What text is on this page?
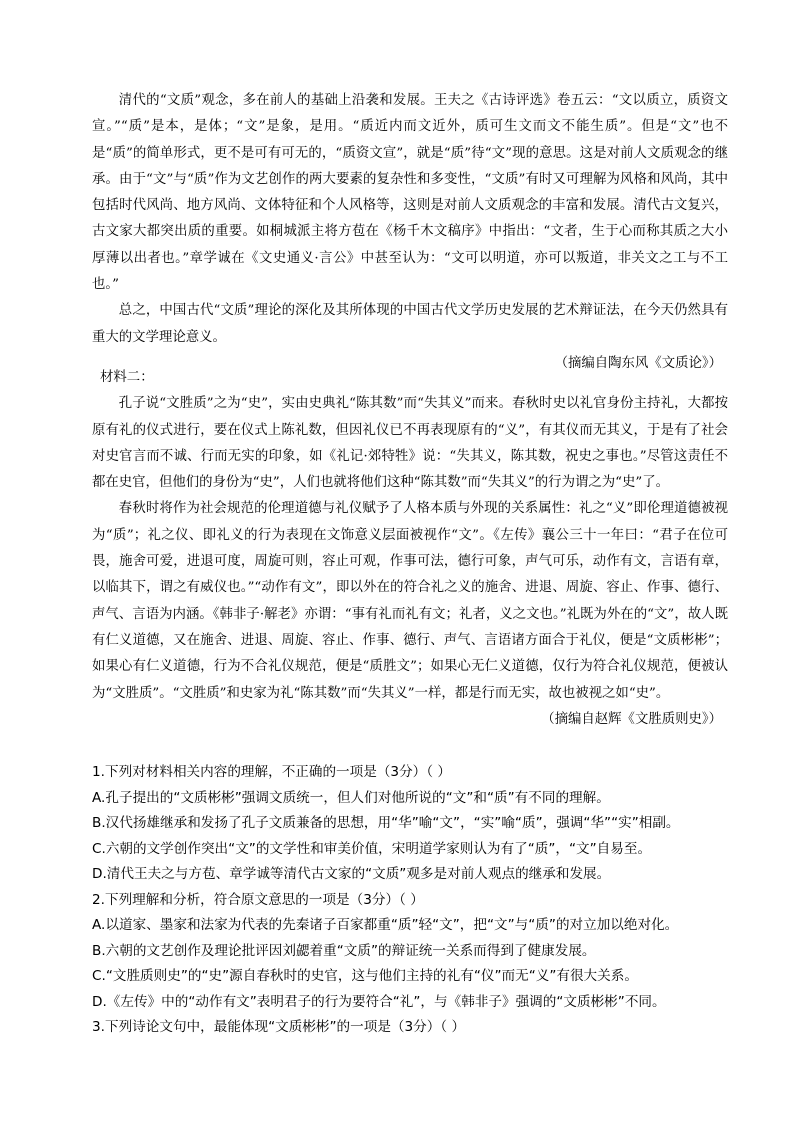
清代的“文质”观念，多在前人的基础上沿袭和发展。王夫之《古诗评选》卷五云：“文以质立，质资文宣。”“质”是本，是体；“文”是象，是用。“质近内而文近外，质可生文而文不能生质”。但是“文”也不是“质”的简单形式，更不是可有可无的，“质资文宣”，就是“质”待“文”现的意思。这是对前人文质观念的继承。由于“文”与“质”作为文艺创作的两大要素的复杂性和多变性，“文质”有时又可理解为风格和风尚，其中包括时代风尚、地方风尚、文体特征和个人风格等，这则是对前人文质观念的丰富和发展。清代古文复兴，古文家大都突出质的重要。如桐城派主将方苞在《杨千木文稿序》中指出：“文者，生于心而称其质之大小厚薄以出者也。”章学诚在《文史通义·言公》中甚至认为：“文可以明道，亦可以叛道，非关文之工与不工也。”

总之，中国古代“文质”理论的深化及其所体现的中国古代文学历史发展的艺术辩证法，在今天仍然具有重大的文学理论意义。

（摘编自陶东风《文质论》）

材料二：

孔子说“文胜质”之为“史”，实由史典礼“陈其数”而“失其义”而来。春秋时史以礼官身份主持礼，大都按原有礼的仪式进行，要在仪式上陈礼数，但因礼仪已不再表现原有的“义”，有其仪而无其义，于是有了社会对史官言而不诚、行而无实的印象，如《礼记·郊特牲》说：“失其义，陈其数，祝史之事也。”尽管这责任不都在史官，但他们的身份为“史”，人们也就将他们这种“陈其数”而“失其义”的行为谓之为“史”了。

春秋时将作为社会规范的伦理道德与礼仪赋予了人格本质与外现的关系属性：礼之“义”即伦理道德被视为“质”；礼之仪、即礼义的行为表现在文饰意义层面被视作“文”。《左传》襄公三十一年曰：“君子在位可畏，施舍可爱，进退可度，周旋可则，容止可观，作事可法，德行可象，声气可乐，动作有文，言语有章，以临其下，谓之有威仪也。”“动作有文”，即以外在的符合礼之义的施舍、进退、周旋、容止、作事、德行、声气、言语为内涵。《韩非子·解老》亦谓：“事有礼而礼有文；礼者，义之文也。”礼既为外在的“文”，故人既有仁义道德，又在施舍、进退、周旋、容止、作事、德行、声气、言语诸方面合于礼仪，便是“文质彬彬”；如果心有仁义道德，行为不合礼仪规范，便是“质胜文”；如果心无仁义道德，仅行为符合礼仪规范，便被认为“文胜质”。“文胜质”和史家为礼“陈其数”而“失其义”一样，都是行而无实，故也被视之如“史”。

（摘编自赵辉《文胜质则史》）

1.下列对材料相关内容的理解，不正确的一项是（3分）（ ）
A.孔子提出的“文质彬彬”强调文质统一，但人们对他所说的“文”和“质”有不同的理解。
B.汉代扬雄继承和发扬了孔子文质兼备的思想，用“华”喻“文”，“实”喻“质”，强调“华”“实”相副。
C.六朝的文学创作突出“文”的文学性和审美价值，宋明道学家则认为有了“质”，“文”自易至。
D.清代王夫之与方苞、章学诚等清代古文家的“文质”观多是对前人观点的继承和发展。
2.下列理解和分析，符合原文意思的一项是（3分）（ ）
A.以道家、墨家和法家为代表的先秦诸子百家都重“质”轻“文”，把“文”与“质”的对立加以绝对化。
B.六朝的文艺创作及理论批评因刘勰着重“文质”的辩证统一关系而得到了健康发展。
C.“文胜质则史”的“史”源自春秋时的史官，这与他们主持的礼有“仪”而无“义”有很大关系。
D.《左传》中的“动作有文”表明君子的行为要符合“礼”，与《韩非子》强调的“文质彬彬”不同。
3.下列诗论文句中，最能体现“文质彬彬”的一项是（3分）（ ）
